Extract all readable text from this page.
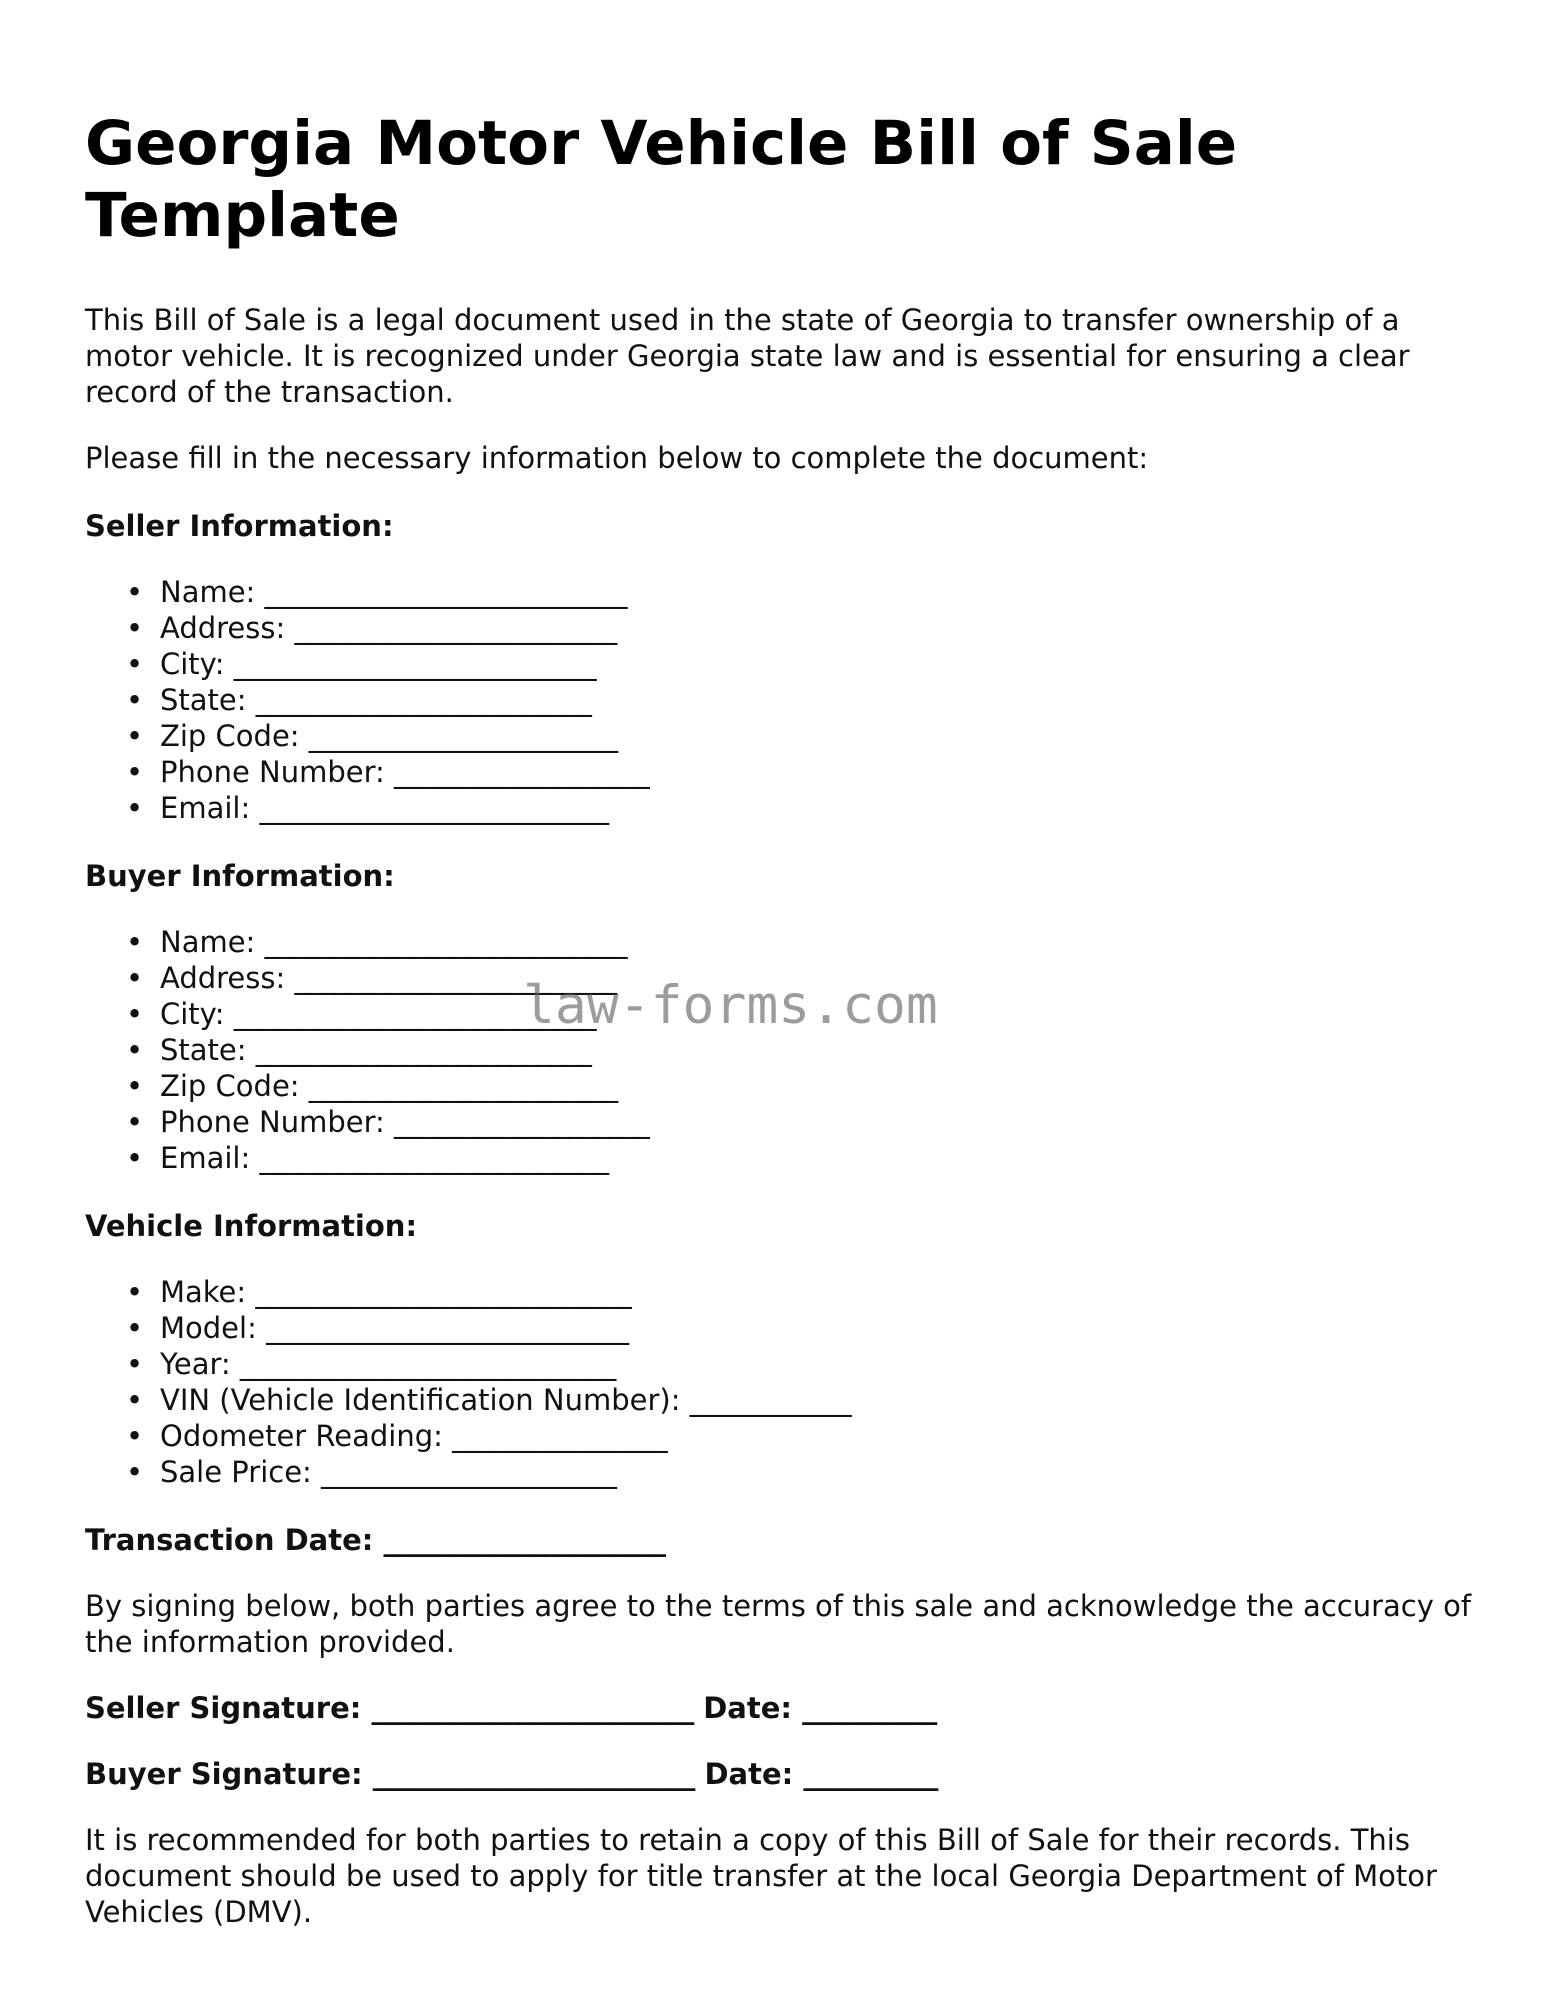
Georgia Motor Vehicle Bill of Sale Template

This Bill of Sale is a legal document used in the state of Georgia to transfer ownership of a motor vehicle. It is recognized under Georgia state law and is essential for ensuring a clear record of the transaction.

Please fill in the necessary information below to complete the document:

Seller Information:
• Name: ___________________________
• Address: ________________________
• City: ___________________________
• State: _________________________
• Zip Code: _______________________
• Phone Number: ___________________
• Email: __________________________
Buyer Information:
• Name: ___________________________
• Address: ________________________
• City: ___________________________
• State: _________________________
• Zip Code: _______________________
• Phone Number: ___________________
• Email: __________________________
Vehicle Information:
• Make: ____________________________
• Model: ___________________________
• Year: ____________________________
• VIN (Vehicle Identification Number): ____________
• Odometer Reading: ________________
• Sale Price: ______________________

Transaction Date: _____________________

By signing below, both parties agree to the terms of this sale and acknowledge the accuracy of the information provided.

Seller Signature: ________________________ Date: __________

Buyer Signature: ________________________ Date: __________

It is recommended for both parties to retain a copy of this Bill of Sale for their records. This document should be used to apply for title transfer at the local Georgia Department of Motor Vehicles (DMV).

law-forms.com
